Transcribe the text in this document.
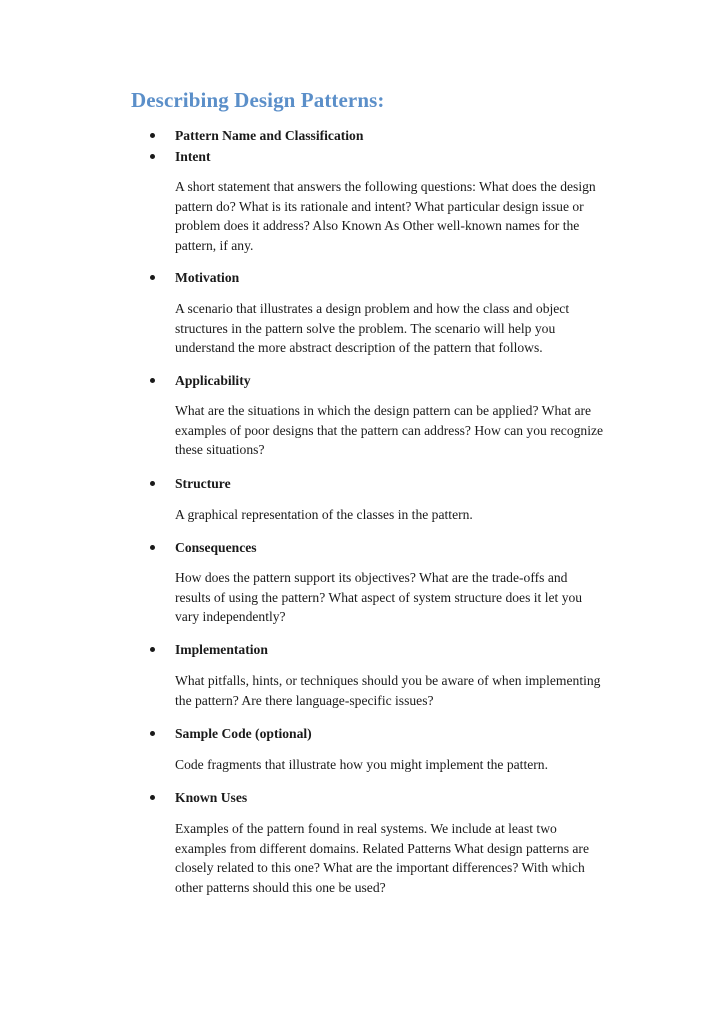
Describing Design Patterns:
Pattern Name and Classification
Intent

A short statement that answers the following questions: What does the design
pattern do? What is its rationale and intent? What particular design issue or
problem does it address? Also Known As Other well-known names for the
pattern, if any.

Motivation

A scenario that illustrates a design problem and how the class and object
structures in the pattern solve the problem. The scenario will help you
understand the more abstract description of the pattern that follows.

Applicability

What are the situations in which the design pattern can be applied? What are
examples of poor designs that the pattern can address? How can you recognize
these situations?

Structure

A graphical representation of the classes in the pattern.

Consequences

How does the pattern support its objectives? What are the trade-offs and
results of using the pattern? What aspect of system structure does it let you
vary independently?

Implementation

What pitfalls, hints, or techniques should you be aware of when implementing
the pattern? Are there language-specific issues?

Sample Code (optional)

Code fragments that illustrate how you might implement the pattern.

Known Uses

Examples of the pattern found in real systems. We include at least two
examples from different domains. Related Patterns What design patterns are
closely related to this one? What are the important differences? With which
other patterns should this one be used?
